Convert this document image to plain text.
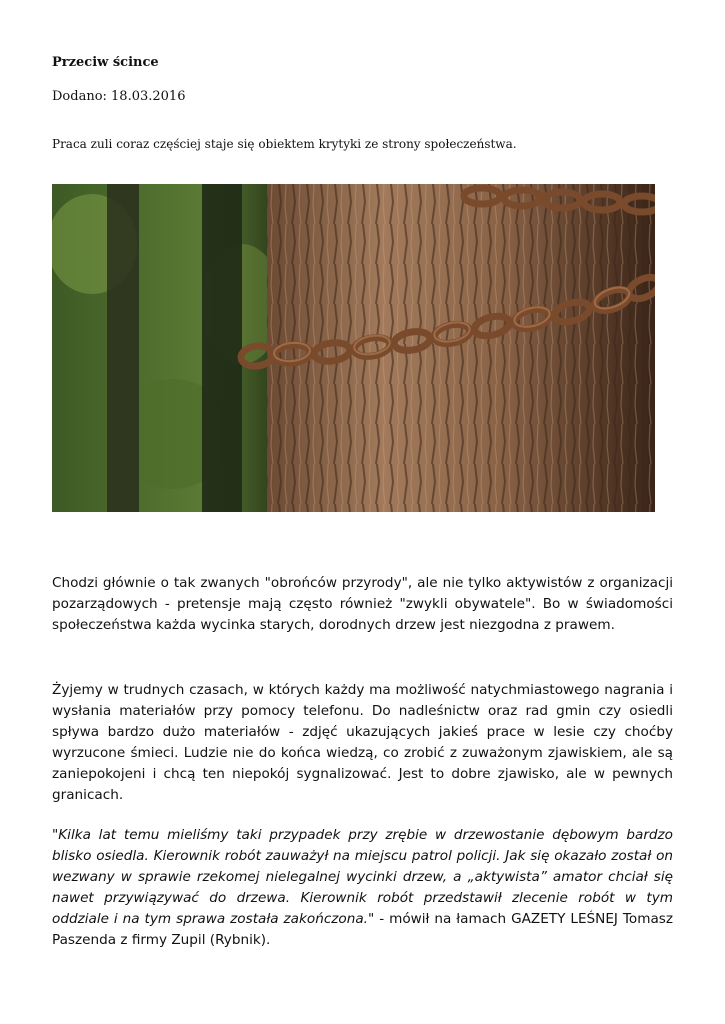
Przeciw ścince
Dodano: 18.03.2016
Praca zuli coraz częściej staje się obiektem krytyki ze strony społeczeństwa.

Chodzi głównie o tak zwanych "obrońców przyrody", ale nie tylko aktywistów z organizacji pozarządowych - pretensje mają często również "zwykli obywatele". Bo w świadomości społeczeństwa każda wycinka starych, dorodnych drzew jest niezgodna z prawem.

Żyjemy w trudnych czasach, w których każdy ma możliwość natychmiastowego nagrania i wysłania materiałów przy pomocy telefonu. Do nadleśnictw oraz rad gmin czy osiedli spływa bardzo dużo materiałów - zdjęć ukazujących jakieś prace w lesie czy choćby wyrzucone śmieci. Ludzie nie do końca wiedzą, co zrobić z zuważonym zjawiskiem, ale są zaniepokojeni i chcą ten niepokój sygnalizować. Jest to dobre zjawisko, ale w pewnych granicach.

"Kilka lat temu mieliśmy taki przypadek przy zrębie w drzewostanie dębowym bardzo blisko osiedla. Kierownik robót zauważył na miejscu patrol policji. Jak się okazało został on wezwany w sprawie rzekomej nielegalnej wycinki drzew, a „aktywista” amator chciał się nawet przywiązywać do drzewa. Kierownik robót przedstawił zlecenie robót w tym oddziale i na tym sprawa została zakończona." - mówił na łamach GAZETY LEŚNEJ Tomasz Paszenda z firmy Zupil (Rybnik).
